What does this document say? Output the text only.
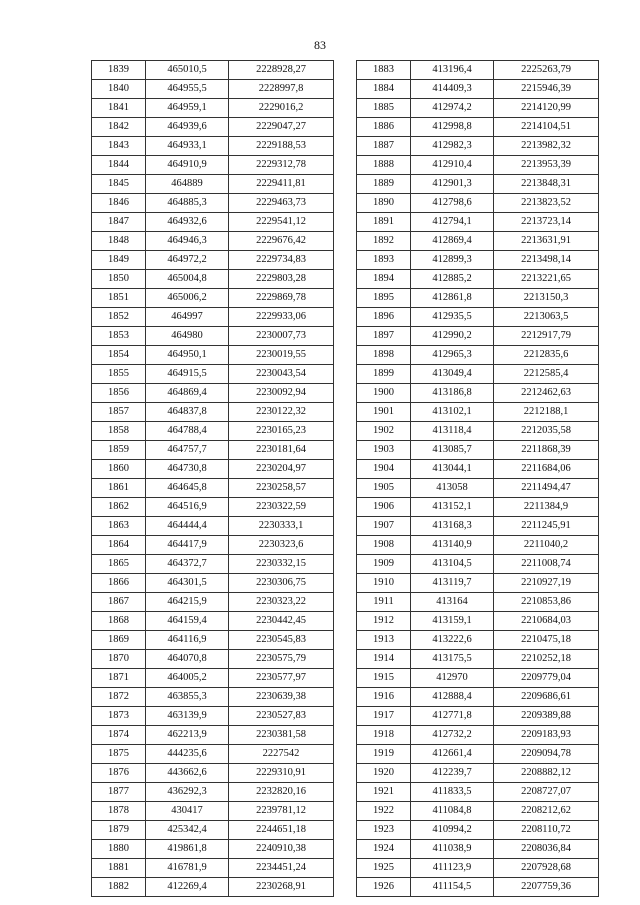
83
1839	465010,5	2228928,27
1840	464955,5	2228997,8
1841	464959,1	2229016,2
1842	464939,6	2229047,27
1843	464933,1	2229188,53
1844	464910,9	2229312,78
1845	464889	2229411,81
1846	464885,3	2229463,73
1847	464932,6	2229541,12
1848	464946,3	2229676,42
1849	464972,2	2229734,83
1850	465004,8	2229803,28
1851	465006,2	2229869,78
1852	464997	2229933,06
1853	464980	2230007,73
1854	464950,1	2230019,55
1855	464915,5	2230043,54
1856	464869,4	2230092,94
1857	464837,8	2230122,32
1858	464788,4	2230165,23
1859	464757,7	2230181,64
1860	464730,8	2230204,97
1861	464645,8	2230258,57
1862	464516,9	2230322,59
1863	464444,4	2230333,1
1864	464417,9	2230323,6
1865	464372,7	2230332,15
1866	464301,5	2230306,75
1867	464215,9	2230323,22
1868	464159,4	2230442,45
1869	464116,9	2230545,83
1870	464070,8	2230575,79
1871	464005,2	2230577,97
1872	463855,3	2230639,38
1873	463139,9	2230527,83
1874	462213,9	2230381,58
1875	444235,6	2227542
1876	443662,6	2229310,91
1877	436292,3	2232820,16
1878	430417	2239781,12
1879	425342,4	2244651,18
1880	419861,8	2240910,38
1881	416781,9	2234451,24
1882	412269,4	2230268,91
1883	413196,4	2225263,79
1884	414409,3	2215946,39
1885	412974,2	2214120,99
1886	412998,8	2214104,51
1887	412982,3	2213982,32
1888	412910,4	2213953,39
1889	412901,3	2213848,31
1890	412798,6	2213823,52
1891	412794,1	2213723,14
1892	412869,4	2213631,91
1893	412899,3	2213498,14
1894	412885,2	2213221,65
1895	412861,8	2213150,3
1896	412935,5	2213063,5
1897	412990,2	2212917,79
1898	412965,3	2212835,6
1899	413049,4	2212585,4
1900	413186,8	2212462,63
1901	413102,1	2212188,1
1902	413118,4	2212035,58
1903	413085,7	2211868,39
1904	413044,1	2211684,06
1905	413058	2211494,47
1906	413152,1	2211384,9
1907	413168,3	2211245,91
1908	413140,9	2211040,2
1909	413104,5	2211008,74
1910	413119,7	2210927,19
1911	413164	2210853,86
1912	413159,1	2210684,03
1913	413222,6	2210475,18
1914	413175,5	2210252,18
1915	412970	2209779,04
1916	412888,4	2209686,61
1917	412771,8	2209389,88
1918	412732,2	2209183,93
1919	412661,4	2209094,78
1920	412239,7	2208882,12
1921	411833,5	2208727,07
1922	411084,8	2208212,62
1923	410994,2	2208110,72
1924	411038,9	2208036,84
1925	411123,9	2207928,68
1926	411154,5	2207759,36
